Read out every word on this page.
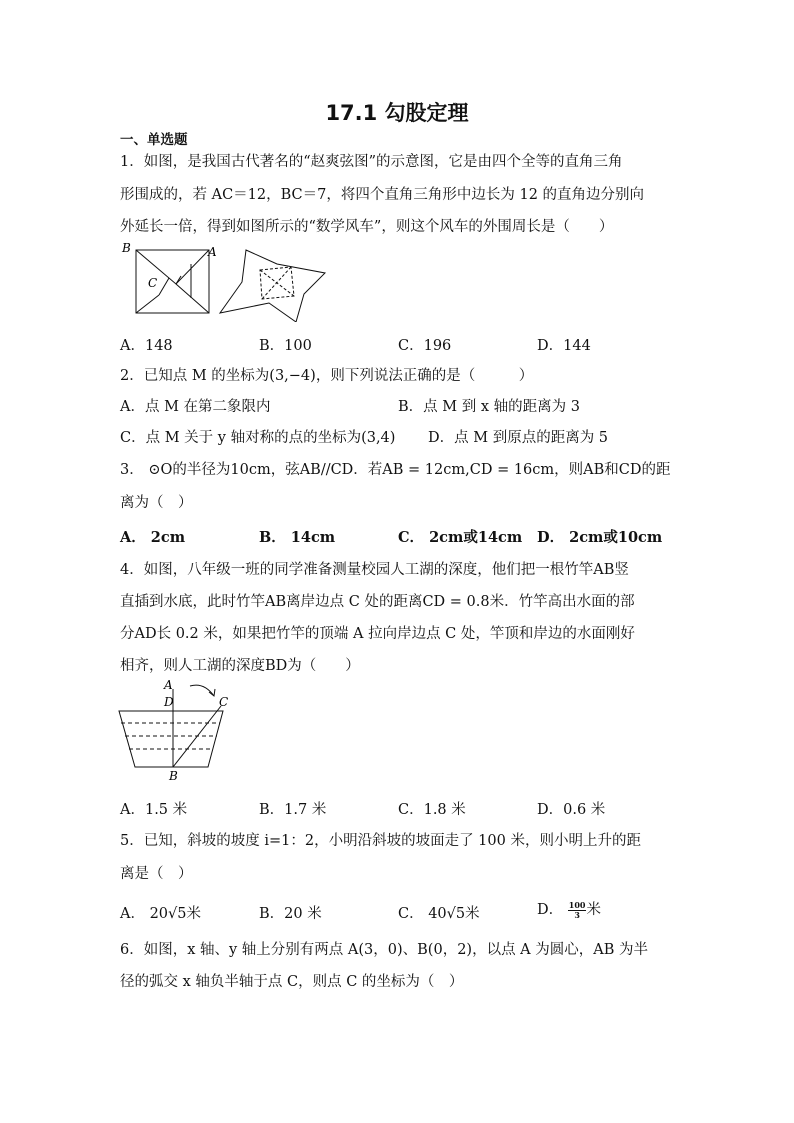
17.1 勾股定理
一、单选题
1．如图，是我国古代著名的“赵爽弦图”的示意图，它是由四个全等的直角三角
形围成的，若 AC＝12，BC＝7，将四个直角三角形中边长为 12 的直角边分别向
外延长一倍，得到如图所示的“数学风车”，则这个风车的外围周长是（　　）
B	A
C
A．148	B．100	C．196	D．144
2．已知点 M 的坐标为(3,−4)，则下列说法正确的是（　　　）
A．点 M 在第二象限内	B．点 M 到 x 轴的距离为 3
C．点 M 关于 y 轴对称的点的坐标为(3,4) D．点 M 到原点的距离为 5
3． ⊙O的半径为10cm，弦AB//CD．若AB = 12cm,CD = 16cm，则AB和CD的距
离为（　）
A． 2cm	B． 14cm	C． 2cm或14cm D． 2cm或10cm
4．如图，八年级一班的同学准备测量校园人工湖的深度，他们把一根竹竿AB竖
直插到水底，此时竹竿AB离岸边点 C 处的距离CD = 0.8米．竹竿高出水面的部
分AD长 0.2 米，如果把竹竿的顶端 A 拉向岸边点 C 处，竿顶和岸边的水面刚好
相齐，则人工湖的深度BD为（　　）
A
D	C
B
A．1.5 米	B．1.7 米	C．1.8 米	D．0.6 米
5．已知，斜坡的坡度 i=1：2，小明沿斜坡的坡面走了 100 米，则小明上升的距
离是（　）
A． 20√5米	B．20 米	C． 40√5米	D． $\frac{100}{3}$ 米
6．如图，x 轴、y 轴上分别有两点 A(3，0)、B(0，2)，以点 A 为圆心，AB 为半
径的弧交 x 轴负半轴于点 C，则点 C 的坐标为（　）
